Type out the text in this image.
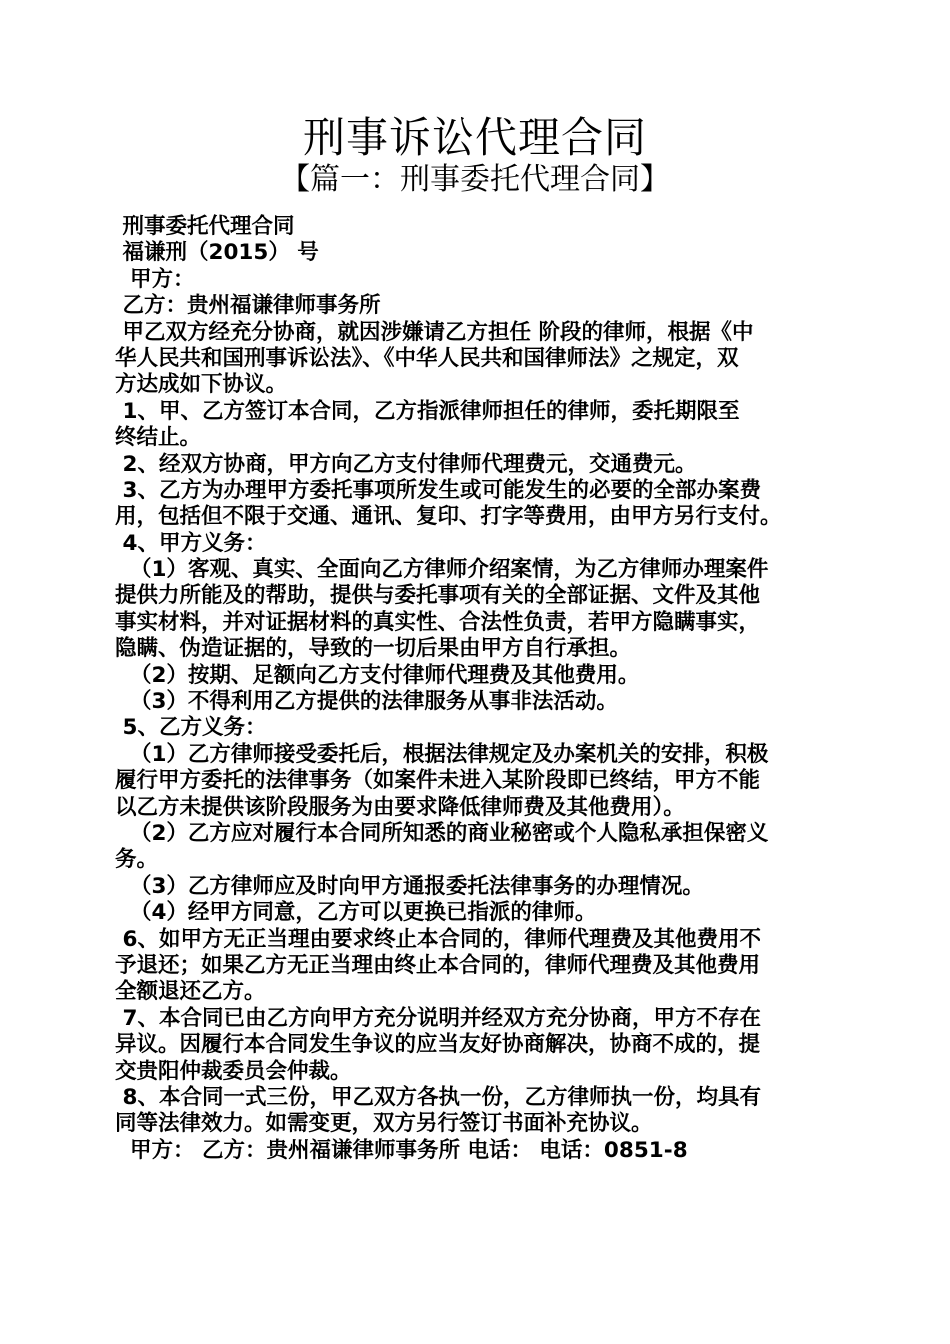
刑事诉讼代理合同
【篇一：刑事委托代理合同】
刑事委托代理合同
福谦刑（2015） 号
甲方：
乙方：贵州福谦律师事务所
甲乙双方经充分协商，就因涉嫌请乙方担任 阶段的律师，根据《中
华人民共和国刑事诉讼法》、《中华人民共和国律师法》之规定，双
方达成如下协议。
1、甲、乙方签订本合同，乙方指派律师担任的律师，委托期限至
终结止。
2、经双方协商，甲方向乙方支付律师代理费元，交通费元。
3、乙方为办理甲方委托事项所发生或可能发生的必要的全部办案费
用，包括但不限于交通、通讯、复印、打字等费用，由甲方另行支付。
4、甲方义务：
（1）客观、真实、全面向乙方律师介绍案情，为乙方律师办理案件
提供力所能及的帮助，提供与委托事项有关的全部证据、文件及其他
事实材料，并对证据材料的真实性、合法性负责，若甲方隐瞒事实，
隐瞒、伪造证据的，导致的一切后果由甲方自行承担。
（2）按期、足额向乙方支付律师代理费及其他费用。
（3）不得利用乙方提供的法律服务从事非法活动。
5、乙方义务：
（1）乙方律师接受委托后，根据法律规定及办案机关的安排，积极
履行甲方委托的法律事务（如案件未进入某阶段即已终结，甲方不能
以乙方未提供该阶段服务为由要求降低律师费及其他费用）。
（2）乙方应对履行本合同所知悉的商业秘密或个人隐私承担保密义
务。
（3）乙方律师应及时向甲方通报委托法律事务的办理情况。
（4）经甲方同意，乙方可以更换已指派的律师。
6、如甲方无正当理由要求终止本合同的，律师代理费及其他费用不
予退还；如果乙方无正当理由终止本合同的，律师代理费及其他费用
全额退还乙方。
7、本合同已由乙方向甲方充分说明并经双方充分协商，甲方不存在
异议。因履行本合同发生争议的应当友好协商解决，协商不成的，提
交贵阳仲裁委员会仲裁。
8、本合同一式三份，甲乙双方各执一份，乙方律师执一份，均具有
同等法律效力。如需变更，双方另行签订书面补充协议。
甲方： 乙方：贵州福谦律师事务所 电话： 电话：0851-8
